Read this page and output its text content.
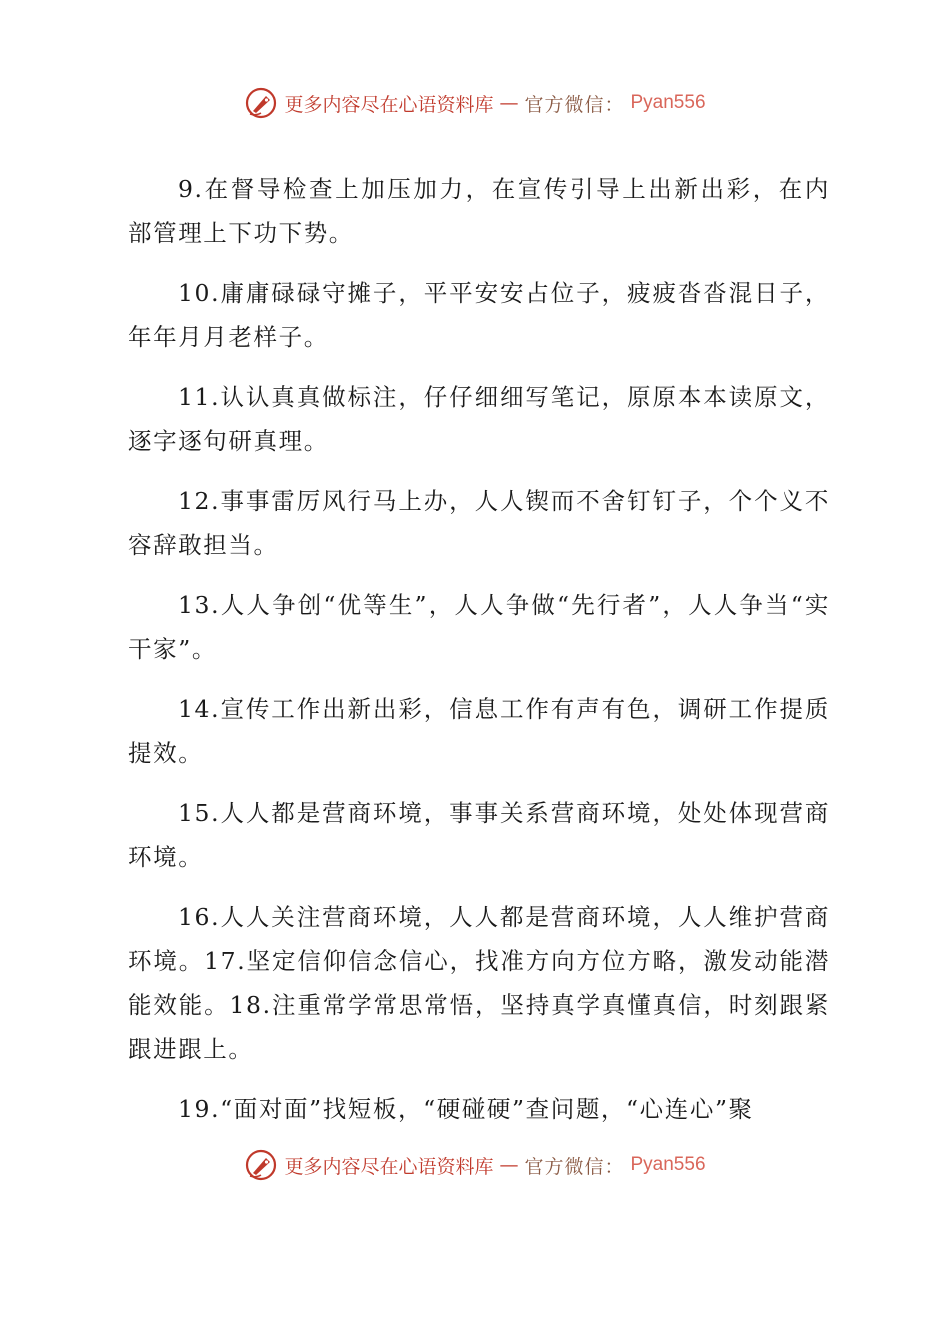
更多内容尽在心语资料库 — 官方微信： Pyan556

9.在督导检查上加压加力，在宣传引导上出新出彩，在内部管理上下功下势。

10.庸庸碌碌守摊子，平平安安占位子，疲疲沓沓混日子，年年月月老样子。

11.认认真真做标注，仔仔细细写笔记，原原本本读原文，逐字逐句研真理。

12.事事雷厉风行马上办，人人锲而不舍钉钉子，个个义不容辞敢担当。

13.人人争创“优等生”，人人争做“先行者”，人人争当“实干家”。

14.宣传工作出新出彩，信息工作有声有色，调研工作提质提效。

15.人人都是营商环境，事事关系营商环境，处处体现营商环境。

16.人人关注营商环境，人人都是营商环境，人人维护营商环境。17.坚定信仰信念信心，找准方向方位方略，激发动能潜能效能。18.注重常学常思常悟，坚持真学真懂真信，时刻跟紧跟进跟上。

19.“面对面”找短板，“硬碰硬”查问题，“心连心”聚

更多内容尽在心语资料库 — 官方微信： Pyan556
